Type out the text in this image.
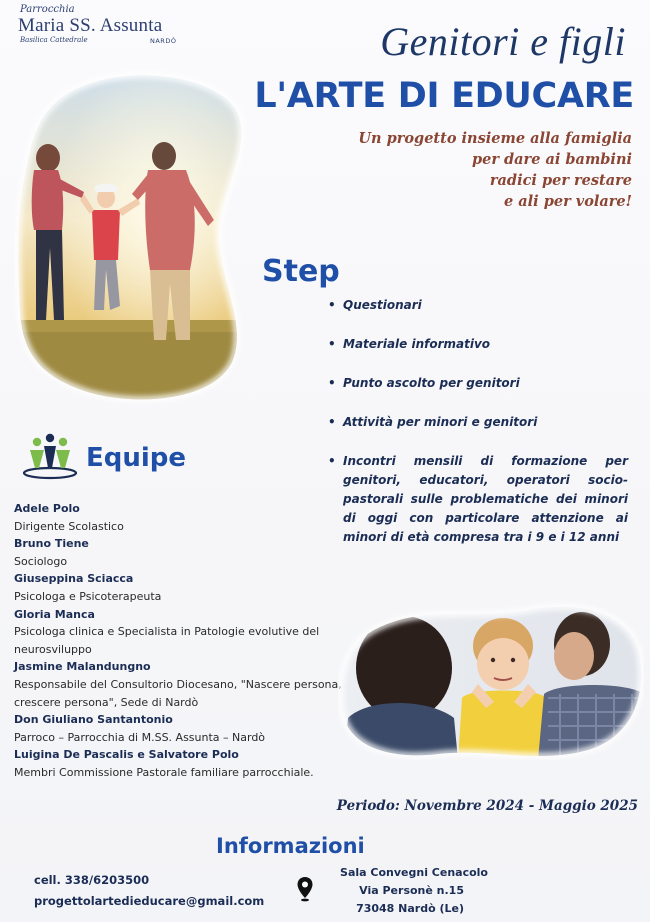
Parrocchia
Maria SS. Assunta
Basilica Cattedrale	NARDÒ	Genitori e figli
L'ARTE DI EDUCARE
Un progetto insieme alla famiglia
per dare ai bambini
radici per restare
e ali per volare!
Step
• Questionari
• Materiale informativo
• Punto ascolto per genitori
• Attività per minori e genitori
• Incontri mensili di formazione per genitori, educatori, operatori socio-pastorali sulle problematiche dei minori di oggi con particolare attenzione ai minori di età compresa tra i 9 e i 12 anni
Equipe
Adele Polo
Dirigente Scolastico
Bruno Tiene
Sociologo
Giuseppina Sciacca
Psicologa e Psicoterapeuta
Gloria Manca
Psicologa clinica e Specialista in Patologie evolutive del neurosviluppo
Jasmine Malandungno
Responsabile del Consultorio Diocesano, "Nascere persona, crescere persona", Sede di Nardò
Don Giuliano Santantonio
Parroco – Parrocchia di M.SS. Assunta – Nardò
Luigina De Pascalis e Salvatore Polo
Membri Commissione Pastorale familiare parrocchiale.
Periodo: Novembre 2024 - Maggio 2025
Informazioni
cell. 338/6203500
progettolartedieducare@gmail.com
Sala Convegni Cenacolo
Via Personè n.15
73048 Nardò (Le)
